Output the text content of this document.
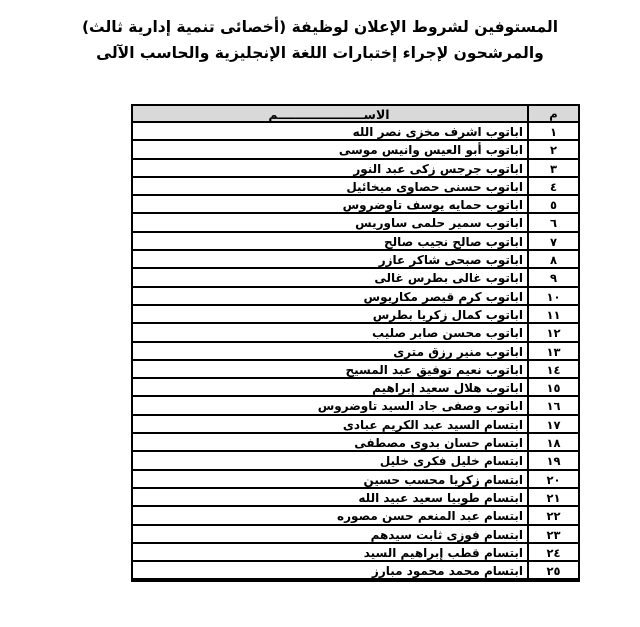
المستوفين لشروط الإعلان لوظيفة (أخصائى تنمية إدارية ثالث)
والمرشحون لإجراء إختبارات اللغة الإنجليزية والحاسب الآلى
م
الاســــــــــــــــــــم
١
اباتوب اشرف مخزى نصر الله
٢
اباتوب أبو العيس وانيس موسى
٣
اباتوب جرجس زكى عبد النور
٤
اباتوب حسنى حصاوى ميخائيل
٥
اباتوب حمايه يوسف تاوضروس
٦
اباتوب سمير حلمى ساوريس
٧
اباتوب صالح نجيب صالح
٨
اباتوب صبحى شاكر عازر
٩
اباتوب غالى بطرس غالى
١٠
اباتوب كرم قيصر مكاريوس
١١
اباتوب كمال زكريا بطرس
١٢
اباتوب محسن صابر صليب
١٣
اباتوب منير رزق مترى
١٤
اباتوب نعيم توفيق عبد المسيح
١٥
اباتوب هلال سعيد إبراهيم
١٦
اباتوب وصفى جاد السيد تاوضروس
١٧
ابتسام السيد عبد الكريم عبادى
١٨
ابتسام حسان بدوى مصطفى
١٩
ابتسام خليل فكرى خليل
٢٠
ابتسام زكريا محسب حسين
٢١
ابتسام طوبيا سعيد عبيد الله
٢٢
ابتسام عبد المنعم حسن مصوره
٢٣
ابتسام فوزى ثابت سيدهم
٢٤
ابتسام قطب إبراهيم السيد
٢٥
ابتسام محمد محمود مبارز
